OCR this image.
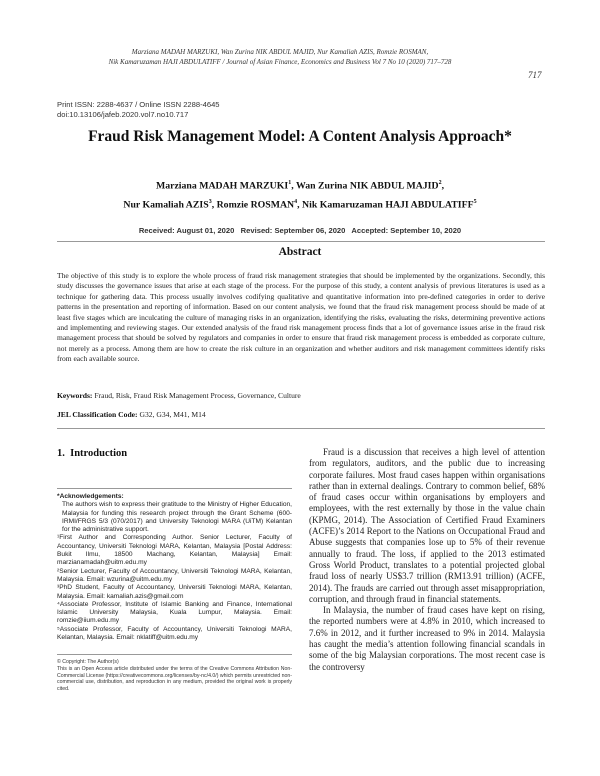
Marziana MADAH MARZUKI, Wan Zurina NIK ABDUL MAJID, Nur Kamaliah AZIS, Romzie ROSMAN,
Nik Kamaruzaman HAJI ABDULATIFF / Journal of Asian Finance, Economics and Business Vol 7 No 10 (2020) 717–728
717
Print ISSN: 2288-4637 / Online ISSN 2288-4645
doi:10.13106/jafeb.2020.vol7.no10.717
Fraud Risk Management Model: A Content Analysis Approach*
Marziana MADAH MARZUKI$^1$, Wan Zurina NIK ABDUL MAJID$^2$,
Nur Kamaliah AZIS$^3$, Romzie ROSMAN$^4$, Nik Kamaruzaman HAJI ABDULATIFF$^5$
Received: August 01, 2020   Revised: September 06, 2020   Accepted: September 10, 2020
Abstract
The objective of this study is to explore the whole process of fraud risk management strategies that should be implemented by the organizations. Secondly, this study discusses the governance issues that arise at each stage of the process. For the purpose of this study, a content analysis of previous literatures is used as a technique for gathering data. This process usually involves codifying qualitative and quantitative information into pre-defined categories in order to derive patterns in the presentation and reporting of information. Based on our content analysis, we found that the fraud risk management process should be made of at least five stages which are inculcating the culture of managing risks in an organization, identifying the risks, evaluating the risks, determining preventive actions and implementing and reviewing stages. Our extended analysis of the fraud risk management process finds that a lot of governance issues arise in the fraud risk management process that should be solved by regulators and companies in order to ensure that fraud risk management process is embedded as corporate culture, not merely as a process. Among them are how to create the risk culture in an organization and whether auditors and risk management committees identify risks from each available source.
Keywords: Fraud, Risk, Fraud Risk Management Process, Governance, Culture
JEL Classification Code: G32, G34, M41, M14
1.  Introduction

*Acknowledgements:

The authors wish to express their gratitude to the Ministry of Higher Education, Malaysia for funding this research project through the Grant Scheme (600-IRMI/FRGS 5/3 (070/2017) and University Teknologi MARA (UiTM) Kelantan for the administrative support.

¹First Author and Corresponding Author. Senior Lecturer, Faculty of Accountancy, Universiti Teknologi MARA, Kelantan, Malaysia [Postal Address: Bukit Ilmu, 18500 Machang, Kelantan, Malaysia] Email: marzianamadah@uitm.edu.my

²Senior Lecturer, Faculty of Accountancy, Universiti Teknologi MARA, Kelantan, Malaysia. Email: wzurina@uitm.edu.my

³PhD Student, Faculty of Accountancy, Universiti Teknologi MARA, Kelantan, Malaysia. Email: kamaliah.azis@gmail.com

⁴Associate Professor, Institute of Islamic Banking and Finance, International Islamic University Malaysia, Kuala Lumpur, Malaysia. Email: romzie@iium.edu.my

⁵Associate Professor, Faculty of Accountancy, Universiti Teknologi MARA, Kelantan, Malaysia. Email: nklatiff@uitm.edu.my

© Copyright: The Author(s)
This is an Open Access article distributed under the terms of the Creative Commons Attribution Non-Commercial License (https://creativecommons.org/licenses/by-nc/4.0/) which permits unrestricted non-commercial use, distribution, and reproduction in any medium, provided the original work is properly cited.

Fraud is a discussion that receives a high level of attention from regulators, auditors, and the public due to increasing corporate failures. Most fraud cases happen within organisations rather than in external dealings. Contrary to common belief, 68% of fraud cases occur within organisations by employers and employees, with the rest externally by those in the value chain (KPMG, 2014). The Association of Certified Fraud Examiners (ACFE)’s 2014 Report to the Nations on Occupational Fraud and Abuse suggests that companies lose up to 5% of their revenue annually to fraud. The loss, if applied to the 2013 estimated Gross World Product, translates to a potential projected global fraud loss of nearly US$3.7 trillion (RM13.91 trillion) (ACFE, 2014). The frauds are carried out through asset misappropriation, corruption, and through fraud in financial statements.

In Malaysia, the number of fraud cases have kept on rising, the reported numbers were at 4.8% in 2010, which increased to 7.6% in 2012, and it further increased to 9% in 2014. Malaysia has caught the media’s attention following financial scandals in some of the big Malaysian corporations. The most recent case is the controversy
